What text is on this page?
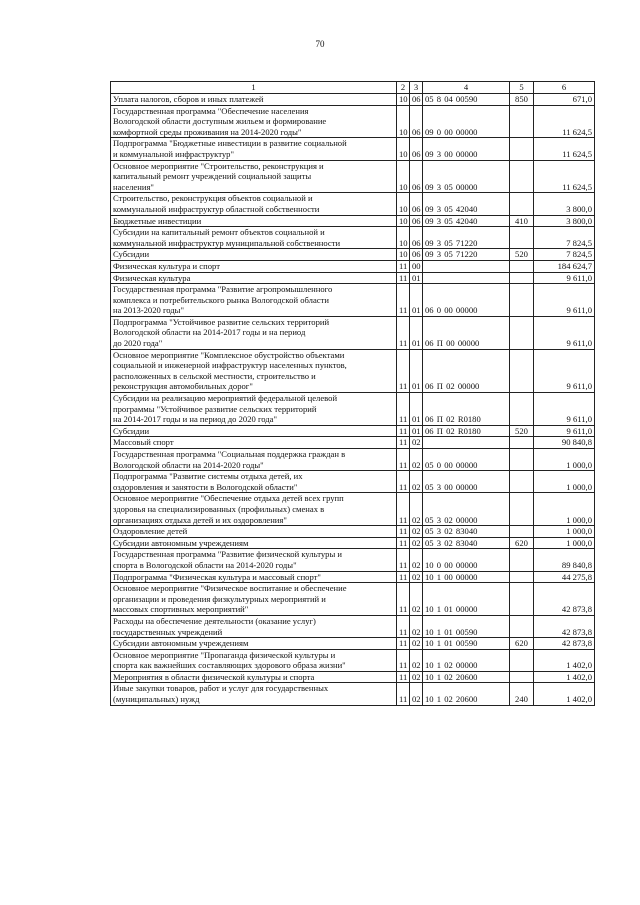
70
1	2	3	4	5	6
Уплата налогов, сборов и иных платежей	10	06	05 8 04 00590	850	671,0
Государственная программа "Обеспечение населения
Вологодской области доступным жильем и формирование
комфортной среды проживания на 2014-2020 годы"	10	06	09 0 00 00000		11 624,5
Подпрограмма "Бюджетные инвестиции в развитие социальной
и коммунальной инфраструктур"	10	06	09 3 00 00000		11 624,5
Основное мероприятие "Строительство, реконструкция и
капитальный ремонт учреждений социальной защиты
населения"	10	06	09 3 05 00000		11 624,5
Строительство, реконструкция объектов социальной и
коммунальной инфраструктур областной собственности	10	06	09 3 05 42040		3 800,0
Бюджетные инвестиции	10	06	09 3 05 42040	410	3 800,0
Субсидии на капитальный ремонт объектов социальной и
коммунальной инфраструктур муниципальной собственности	10	06	09 3 05 71220		7 824,5
Субсидии	10	06	09 3 05 71220	520	7 824,5
Физическая культура и спорт	11	00			184 624,7
Физическая культура	11	01			9 611,0
Государственная программа "Развитие агропромышленного
комплекса и потребительского рынка Вологодской области
на 2013-2020 годы"	11	01	06 0 00 00000		9 611,0
Подпрограмма "Устойчивое развитие сельских территорий
Вологодской области на 2014-2017 годы и на период
до 2020 года"	11	01	06 П 00 00000		9 611,0
Основное мероприятие "Комплексное обустройство объектами
социальной и инженерной инфраструктур населенных пунктов,
расположенных в сельской местности, строительство и
реконструкция автомобильных дорог"	11	01	06 П 02 00000		9 611,0
Субсидии на реализацию мероприятий федеральной целевой
программы "Устойчивое развитие сельских территорий
на 2014-2017 годы и на период до 2020 года"	11	01	06 П 02 R0180		9 611,0
Субсидии	11	01	06 П 02 R0180	520	9 611,0
Массовый спорт	11	02			90 840,8
Государственная программа "Социальная поддержка граждан в
Вологодской области на 2014-2020 годы"	11	02	05 0 00 00000		1 000,0
Подпрограмма "Развитие системы отдыха детей, их
оздоровления и занятости в Вологодской области"	11	02	05 3 00 00000		1 000,0
Основное мероприятие "Обеспечение отдыха детей всех групп
здоровья на специализированных (профильных) сменах в
организациях отдыха детей и их оздоровления"	11	02	05 3 02 00000		1 000,0
Оздоровление детей	11	02	05 3 02 83040		1 000,0
Субсидии автономным учреждениям	11	02	05 3 02 83040	620	1 000,0
Государственная программа "Развитие физической культуры и
спорта в Вологодской области на 2014-2020 годы"	11	02	10 0 00 00000		89 840,8
Подпрограмма "Физическая культура и массовый спорт"	11	02	10 1 00 00000		44 275,8
Основное мероприятие "Физическое воспитание и обеспечение
организации и проведения физкультурных мероприятий и
массовых спортивных мероприятий"	11	02	10 1 01 00000		42 873,8
Расходы на обеспечение деятельности (оказание услуг)
государственных учреждений	11	02	10 1 01 00590		42 873,8
Субсидии автономным учреждениям	11	02	10 1 01 00590	620	42 873,8
Основное мероприятие "Пропаганда физической культуры и
спорта как важнейших составляющих здорового образа жизни"	11	02	10 1 02 00000		1 402,0
Мероприятия в области физической культуры и спорта	11	02	10 1 02 20600		1 402,0
Иные закупки товаров, работ и услуг для государственных
(муниципальных) нужд	11	02	10 1 02 20600	240	1 402,0
